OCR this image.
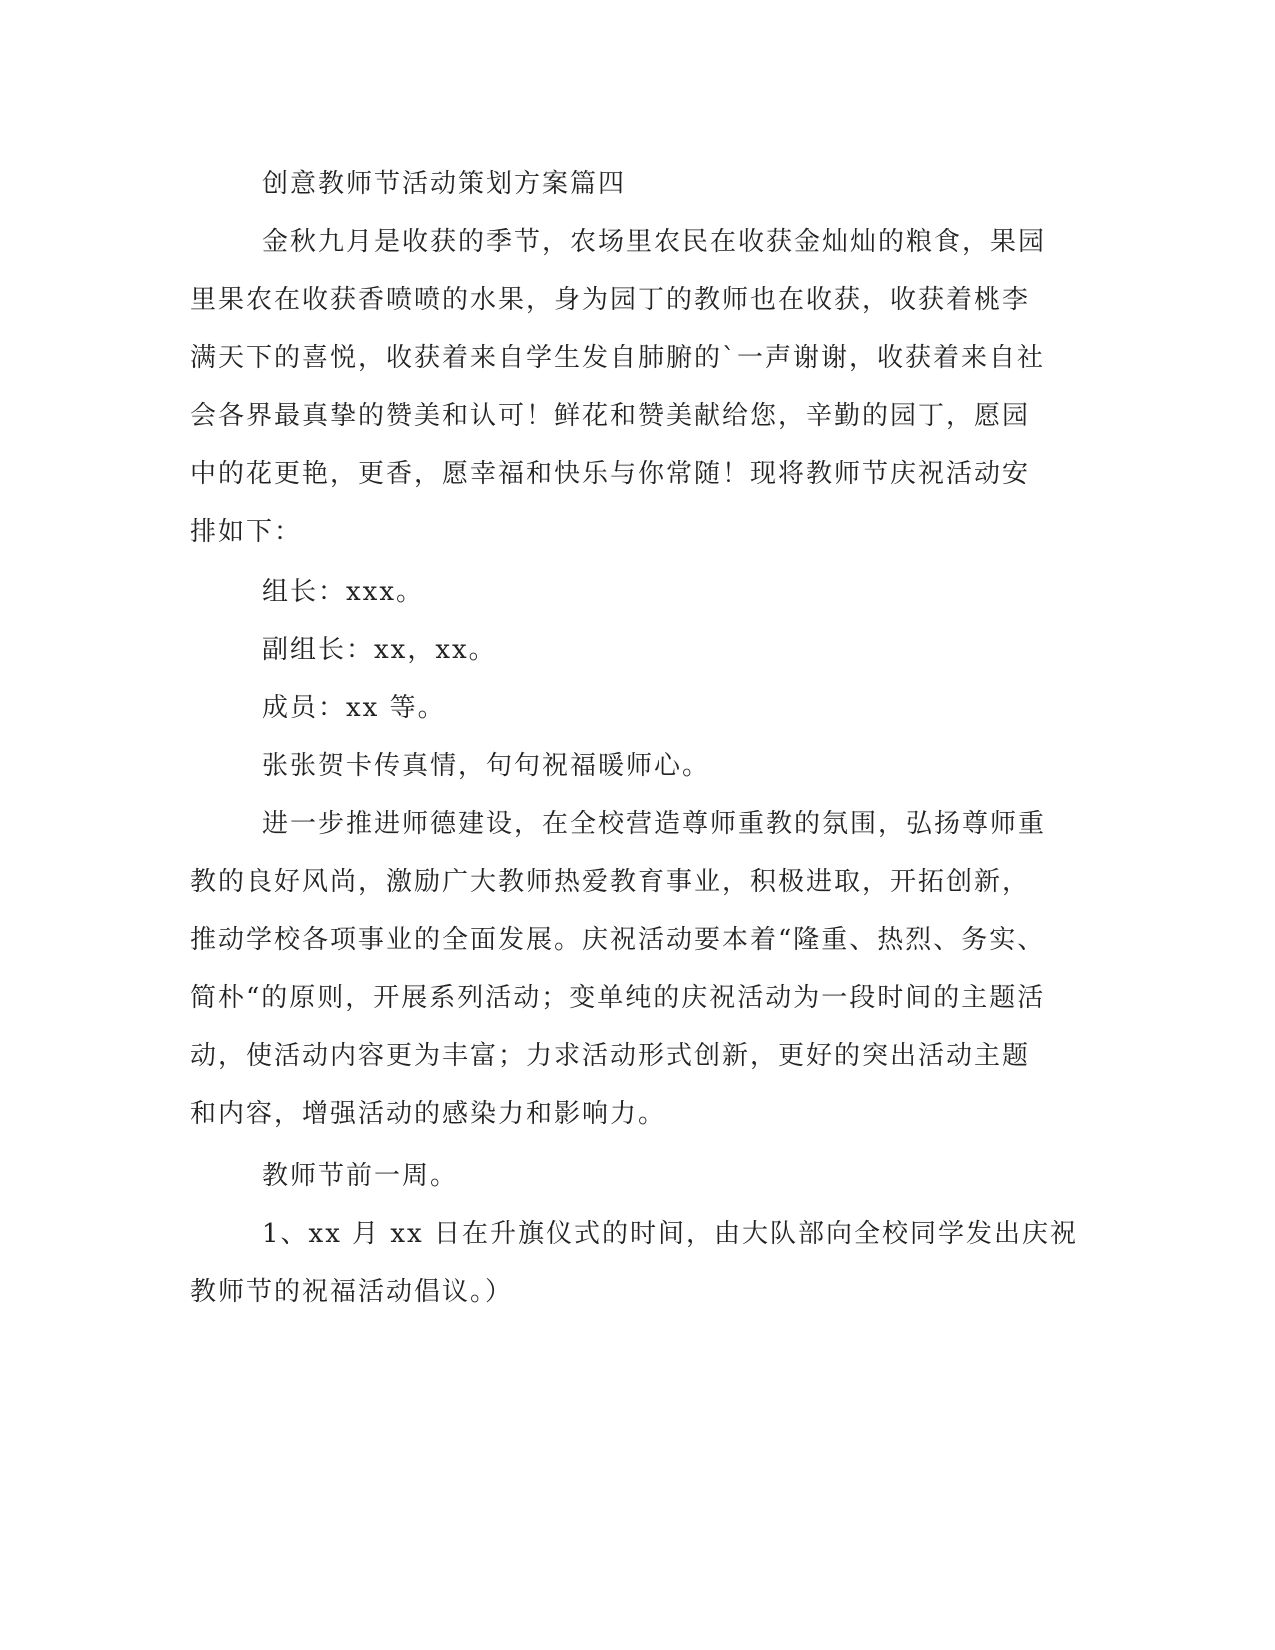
创意教师节活动策划方案篇四
金秋九月是收获的季节，农场里农民在收获金灿灿的粮食，果园
里果农在收获香喷喷的水果，身为园丁的教师也在收获，收获着桃李
满天下的喜悦，收获着来自学生发自肺腑的`一声谢谢，收获着来自社
会各界最真挚的赞美和认可！鲜花和赞美献给您，辛勤的园丁，愿园
中的花更艳，更香，愿幸福和快乐与你常随！现将教师节庆祝活动安
排如下：
组长：xxx。
副组长：xx，xx。
成员：xx 等。
张张贺卡传真情，句句祝福暖师心。
进一步推进师德建设，在全校营造尊师重教的氛围，弘扬尊师重
教的良好风尚，激励广大教师热爱教育事业，积极进取，开拓创新，
推动学校各项事业的全面发展。庆祝活动要本着“隆重、热烈、务实、
简朴“的原则，开展系列活动；变单纯的庆祝活动为一段时间的主题活
动，使活动内容更为丰富；力求活动形式创新，更好的突出活动主题
和内容，增强活动的感染力和影响力。
教师节前一周。
1、xx 月 xx 日在升旗仪式的时间，由大队部向全校同学发出庆祝
教师节的祝福活动倡议。）
